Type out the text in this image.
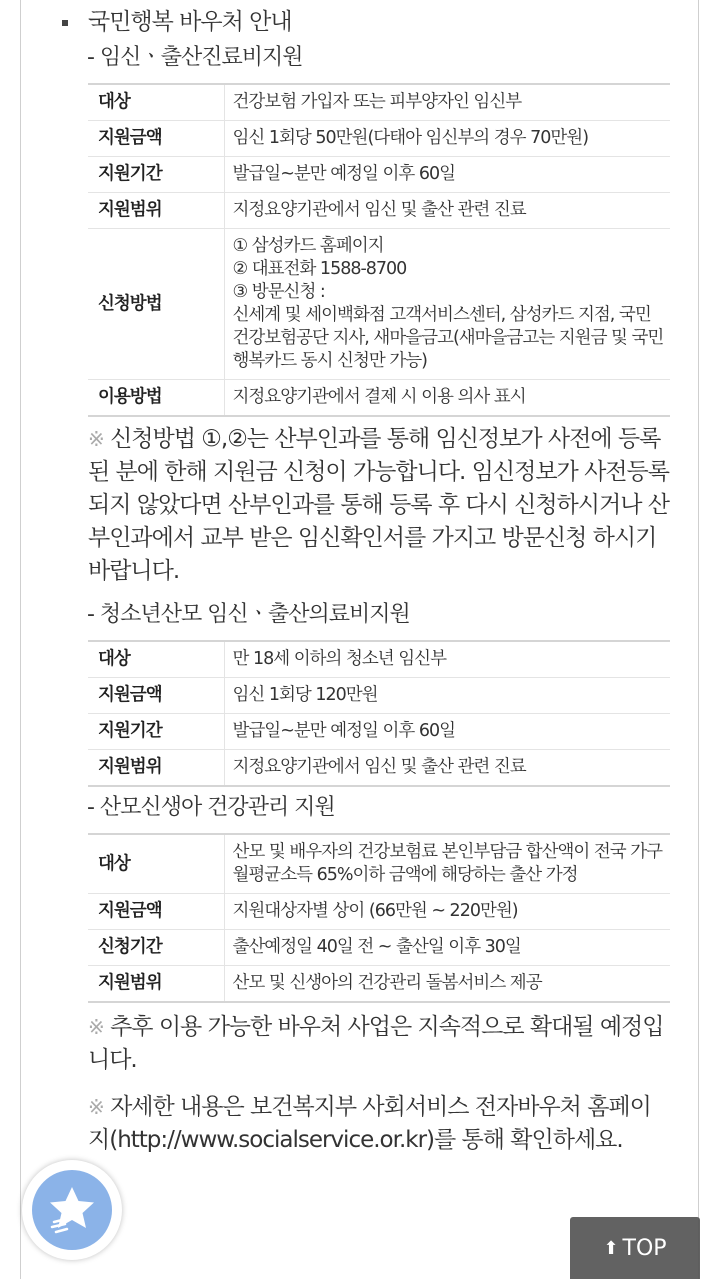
국민행복 바우처 안내
- 임신ㆍ출산진료비지원
대상	건강보험 가입자 또는 피부양자인 임신부
지원금액	임신 1회당 50만원(다태아 임신부의 경우 70만원)
지원기간	발급일~분만 예정일 이후 60일
지원범위	지정요양기관에서 임신 및 출산 관련 진료
신청방법	① 삼성카드 홈페이지
② 대표전화 1588-8700
③ 방문신청 :
신세계 및 세이백화점 고객서비스센터, 삼성카드 지점, 국민건강보험공단 지사, 새마을금고(새마을금고는 지원금 및 국민행복카드 동시 신청만 가능)

이용방법	지정요양기관에서 결제 시 이용 의사 표시
※ 신청방법 ①,②는 산부인과를 통해 임신정보가 사전에 등록된 분에 한해 지원금 신청이 가능합니다. 임신정보가 사전등록 되지 않았다면 산부인과를 통해 등록 후 다시 신청하시거나 산부인과에서 교부 받은 임신확인서를 가지고 방문신청 하시기 바랍니다.
- 청소년산모 임신ㆍ출산의료비지원
대상	만 18세 이하의 청소년 임신부
지원금액	임신 1회당 120만원
지원기간	발급일~분만 예정일 이후 60일
지원범위	지정요양기관에서 임신 및 출산 관련 진료
- 산모신생아 건강관리 지원
대상	산모 및 배우자의 건강보험료 본인부담금 합산액이 전국 가구 월평균소득 65%이하 금액에 해당하는 출산 가정
지원금액	지원대상자별 상이 (66만원 ~ 220만원)
신청기간	출산예정일 40일 전 ~ 출산일 이후 30일
지원범위	산모 및 신생아의 건강관리 돌봄서비스 제공
※ 추후 이용 가능한 바우처 사업은 지속적으로 확대될 예정입니다.
※ 자세한 내용은 보건복지부 사회서비스 전자바우처 홈페이지(http://www.socialservice.or.kr)를 통해 확인하세요.
⬆ TOP
